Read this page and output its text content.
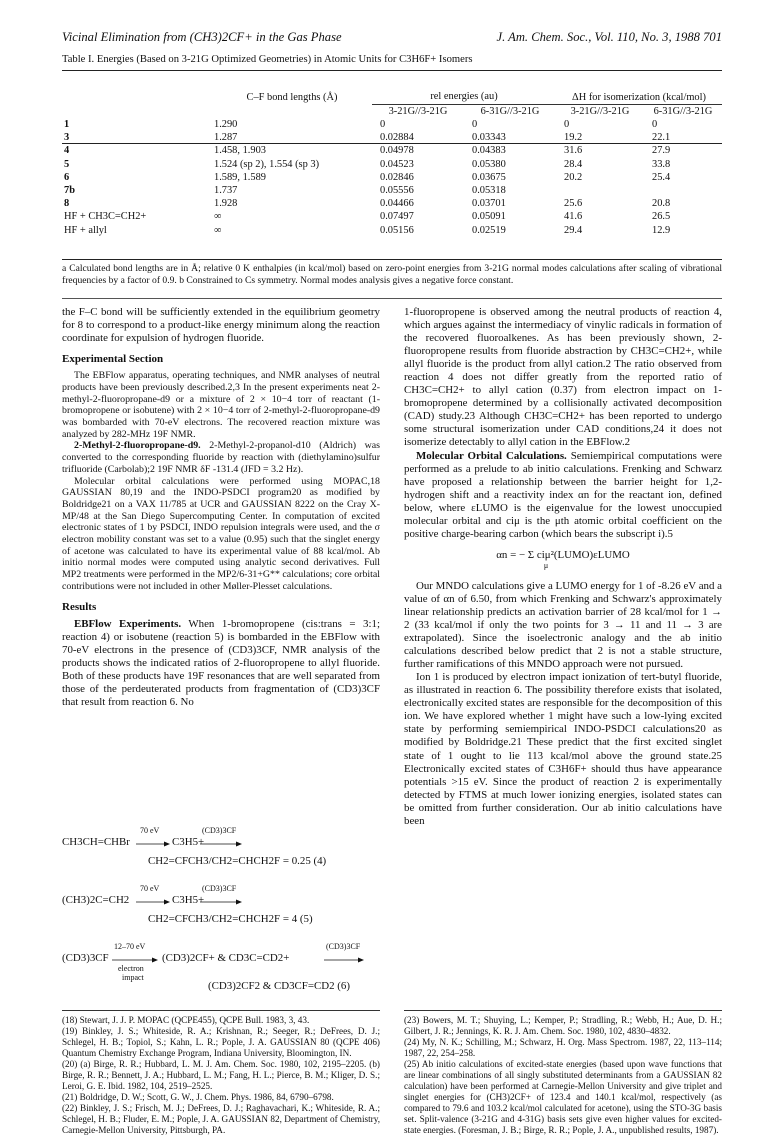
Vicinal Elimination from (CH3)2CF+ in the Gas Phase	J. Am. Chem. Soc., Vol. 110, No. 3, 1988 701
Table I. Energies (Based on 3-21G Optimized Geometries) in Atomic Units for C3H6F+ Isomers
	C–F bond lengths (Å)	rel energies (au)		ΔH for isomerization (kcal/mol)	
		3-21G//3-21G	6-31G//3-21G	3-21G//3-21G	6-31G//3-21G
1	1.290	0	0	0	0
3	1.287	0.02884	0.03343	19.2	22.1
4	1.458, 1.903	0.04978	0.04383	31.6	27.9
5	1.524 (sp 2), 1.554 (sp 3)	0.04523	0.05380	28.4	33.8
6	1.589, 1.589	0.02846	0.03675	20.2	25.4
7b	1.737	0.05556	0.05318		
8	1.928	0.04466	0.03701	25.6	20.8
HF + CH3C=CH2+	∞	0.07497	0.05091	41.6	26.5
HF + allyl	∞	0.05156	0.02519	29.4	12.9
a Calculated bond lengths are in Å; relative 0 K enthalpies (in kcal/mol) based on zero-point energies from 3-21G normal modes calculations after scaling of vibrational frequencies by a factor of 0.9. b Constrained to Cs symmetry. Normal modes analysis gives a negative force constant.

the F–C bond will be sufficiently extended in the equilibrium geometry for 8 to correspond to a product-like energy minimum along the reaction coordinate for expulsion of hydrogen fluoride.

Experimental Section

The EBFlow apparatus, operating techniques, and NMR analyses of neutral products have been previously described.2,3 In the present experiments neat 2-methyl-2-fluoropropane-d9 or a mixture of 2 × 10−4 torr of reactant (1-bromopropene or isobutene) with 2 × 10−4 torr of 2-methyl-2-fluoropropane-d9 was bombarded with 70-eV electrons. The recovered reaction mixture was analyzed by 282-MHz 19F NMR.

2-Methyl-2-fluoropropane-d9. 2-Methyl-2-propanol-d10 (Aldrich) was converted to the corresponding fluoride by reaction with (diethylamino)sulfur trifluoride (Carbolab);2 19F NMR δF -131.4 (JFD = 3.2 Hz).

Molecular orbital calculations were performed using MOPAC,18 GAUSSIAN 80,19 and the INDO-PSDCI program20 as modified by Boldridge21 on a VAX 11/785 at UCR and GAUSSIAN 8222 on the Cray X-MP/48 at the San Diego Supercomputing Center. In computation of excited electronic states of 1 by PSDCI, INDO repulsion integrals were used, and the σ electron mobility constant was set to a value (0.95) such that the singlet energy of acetone was calculated to have its experimental value of 88 kcal/mol. Ab initio normal modes were computed using analytic second derivatives. Full MP2 treatments were performed in the MP2/6-31+G** calculations; core orbital contributions were not included in other Møller-Plesset calculations.

Results

EBFlow Experiments. When 1-bromopropene (cis:trans = 3:1; reaction 4) or isobutene (reaction 5) is bombarded in the EBFlow with 70-eV electrons in the presence of (CD3)3CF, NMR analysis of the products shows the indicated ratios of 2-fluoropropene to allyl fluoride. Both of these products have 19F resonances that are well separated from those of the perdeuterated products from fragmentation of (CD3)3CF that result from reaction 6. No

CH3CH=CHBr
70 eV
C3H5+
(CD3)3CF
CH2=CFCH3/CH2=CHCH2F = 0.25 (4)
(CH3)2C=CH2
70 eV
C3H5+
(CD3)3CF
CH2=CFCH3/CH2=CHCH2F = 4 (5)
(CD3)3CF
12–70 eV
electron
impact
(CD3)2CF+ & CD3C=CD2+
(CD3)3CF
(CD3)2CF2 & CD3CF=CD2 (6)

1-fluoropropene is observed among the neutral products of reaction 4, which argues against the intermediacy of vinylic radicals in formation of the recovered fluoroalkenes. As has been previously shown, 2-fluoropropene results from fluoride abstraction by CH3C=CH2+, while allyl fluoride is the product from allyl cation.2 The ratio observed from reaction 4 does not differ greatly from the reported ratio of CH3C=CH2+ to allyl cation (0.37) from electron impact on 1-bromopropene determined by a collisionally activated decomposition (CAD) study.23 Although CH3C=CH2+ has been reported to undergo some structural isomerization under CAD conditions,24 it does not isomerize detectably to allyl cation in the EBFlow.2

Molecular Orbital Calculations. Semiempirical computations were performed as a prelude to ab initio calculations. Frenking and Schwarz have proposed a relationship between the barrier height for 1,2-hydrogen shift and a reactivity index αn for the reactant ion, defined below, where εLUMO is the eigenvalue for the lowest unoccupied molecular orbital and ciμ is the μth atomic orbital coefficient on the positive charge-bearing carbon (which bears the subscript i).5

αn = − Σ ciμ²(LUMO)εLUMO
μ

Our MNDO calculations give a LUMO energy for 1 of -8.26 eV and a value of αn of 6.50, from which Frenking and Schwarz's approximately linear relationship predicts an activation barrier of 28 kcal/mol for 1 → 2 (33 kcal/mol if only the two points for 3 → 11 and 11 → 3 are extrapolated). Since the isoelectronic analogy and the ab initio calculations described below predict that 2 is not a stable structure, further ramifications of this MNDO approach were not pursued.

Ion 1 is produced by electron impact ionization of tert-butyl fluoride, as illustrated in reaction 6. The possibility therefore exists that isolated, electronically excited states are responsible for the decomposition of this ion. We have explored whether 1 might have such a low-lying excited state by performing semiempirical INDO-PSDCI calculations20 as modified by Boldridge.21 These predict that the first excited singlet state of 1 ought to lie 113 kcal/mol above the ground state.25 Electronically excited states of C3H6F+ should thus have appearance potentials >15 eV. Since the product of reaction 2 is experimentally detected by FTMS at much lower ionizing energies, isolated states can be omitted from further consideration. Our ab initio calculations have been

(18) Stewart, J. J. P. MOPAC (QCPE455), QCPE Bull. 1983, 3, 43.

(19) Binkley, J. S.; Whiteside, R. A.; Krishnan, R.; Seeger, R.; DeFrees, D. J.; Schlegel, H. B.; Topiol, S.; Kahn, L. R.; Pople, J. A. GAUSSIAN 80 (QCPE 406) Quantum Chemistry Exchange Program, Indiana University, Bloomington, IN.

(20) (a) Birge, R. R.; Hubbard, L. M. J. Am. Chem. Soc. 1980, 102, 2195–2205. (b) Birge, R. R.; Bennett, J. A.; Hubbard, L. M.; Fang, H. L.; Pierce, B. M.; Kliger, D. S.; Leroi, G. E. Ibid. 1982, 104, 2519–2525.

(21) Boldridge, D. W.; Scott, G. W., J. Chem. Phys. 1986, 84, 6790–6798.

(22) Binkley, J. S.; Frisch, M. J.; DeFrees, D. J.; Raghavachari, K.; Whiteside, R. A.; Schlegel, H. B.; Fluder, E. M.; Pople, J. A. GAUSSIAN 82, Department of Chemistry, Carnegie-Mellon University, Pittsburgh, PA.

(23) Bowers, M. T.; Shuying, L.; Kemper, P.; Stradling, R.; Webb, H.; Aue, D. H.; Gilbert, J. R.; Jennings, K. R. J. Am. Chem. Soc. 1980, 102, 4830–4832.

(24) My, N. K.; Schilling, M.; Schwarz, H. Org. Mass Spectrom. 1987, 22, 113–114; 1987, 22, 254–258.

(25) Ab initio calculations of excited-state energies (based upon wave functions that are linear combinations of all singly substituted determinants from a GAUSSIAN 82 calculation) have been performed at Carnegie-Mellon University and give triplet and singlet energies for (CH3)2CF+ of 123.4 and 140.1 kcal/mol, respectively (as compared to 79.6 and 103.2 kcal/mol calculated for acetone), using the STO-3G basis set. Split-valence (3-21G and 4-31G) basis sets give even higher values for excited-state energies. (Foresman, J. B.; Birge, R. R.; Pople, J. A., unpublished results, 1987).
